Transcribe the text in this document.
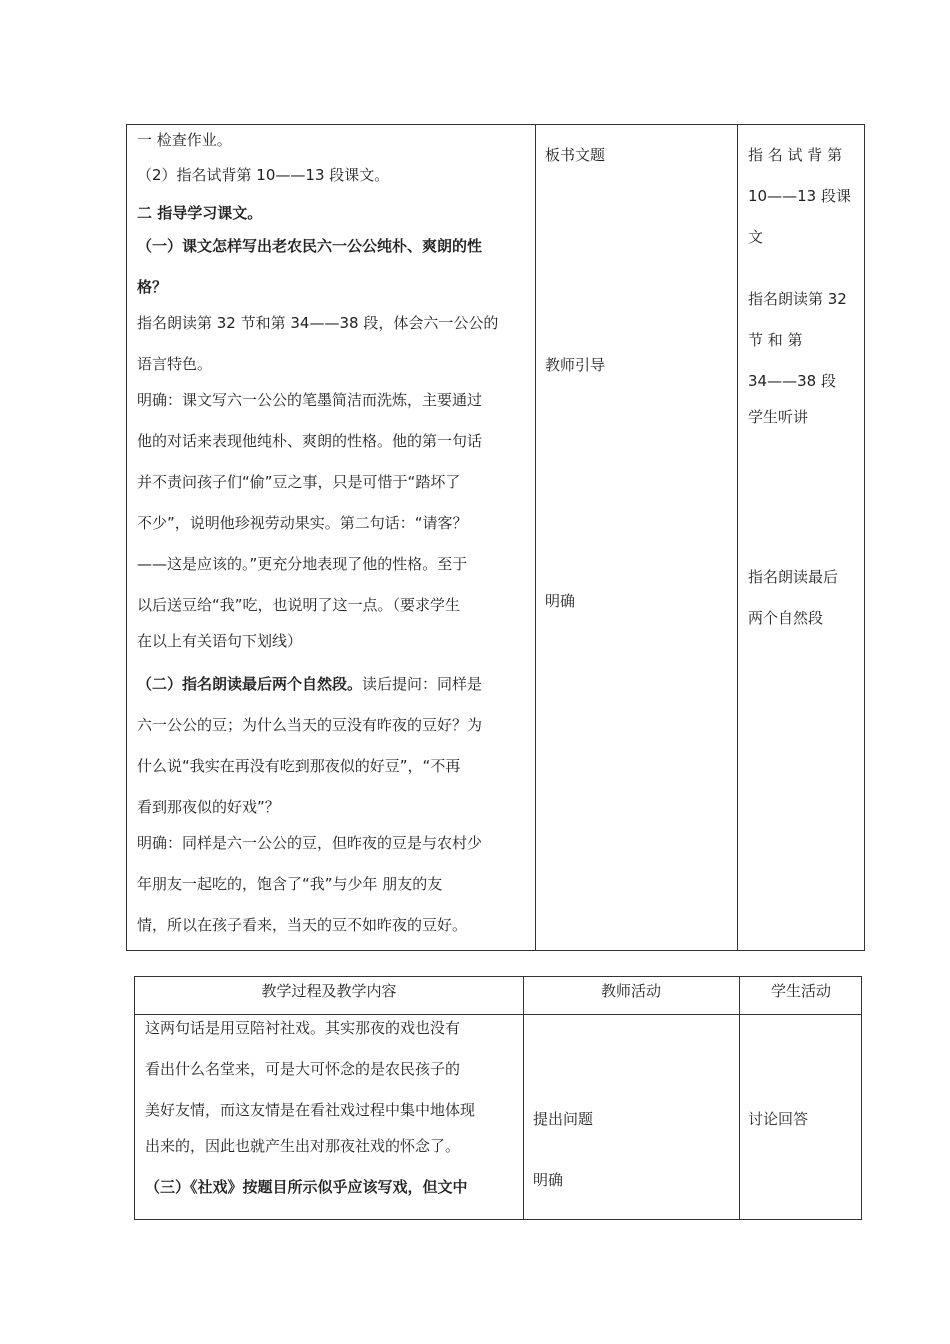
一 检查作业。
（2）指名试背第 10——13 段课文。
二 指导学习课文。
（一）课文怎样写出老农民六一公公纯朴、爽朗的性
格？
指名朗读第 32 节和第 34——38 段，体会六一公公的
语言特色。
明确：课文写六一公公的笔墨简洁而洗炼，主要通过
他的对话来表现他纯朴、爽朗的性格。他的第一句话
并不责问孩子们“偷”豆之事，只是可惜于“踏坏了
不少”，说明他珍视劳动果实。第二句话：“请客？
——这是应该的。”更充分地表现了他的性格。至于
以后送豆给“我”吃，也说明了这一点。（要求学生
在以上有关语句下划线）
（二）指名朗读最后两个自然段。读后提问：同样是
六一公公的豆；为什么当天的豆没有昨夜的豆好？为
什么说“我实在再没有吃到那夜似的好豆”，“不再
看到那夜似的好戏”？
明确：同样是六一公公的豆，但昨夜的豆是与农村少
年朋友一起吃的，饱含了“我”与少年 朋友的友
情，所以在孩子看来，当天的豆不如昨夜的豆好。
板书文题
教师引导
明确
指 名 试 背 第
10——13 段课
文
指名朗读第 32
节 和 第
34——38 段
学生听讲
指名朗读最后
两个自然段
教学过程及教学内容	教师活动	学生活动
这两句话是用豆陪衬社戏。其实那夜的戏也没有
看出什么名堂来，可是大可怀念的是农民孩子的
美好友情，而这友情是在看社戏过程中集中地体现
出来的，因此也就产生出对那夜社戏的怀念了。
（三）《社戏》按题目所示似乎应该写戏，但文中
提出问题
明确
讨论回答
